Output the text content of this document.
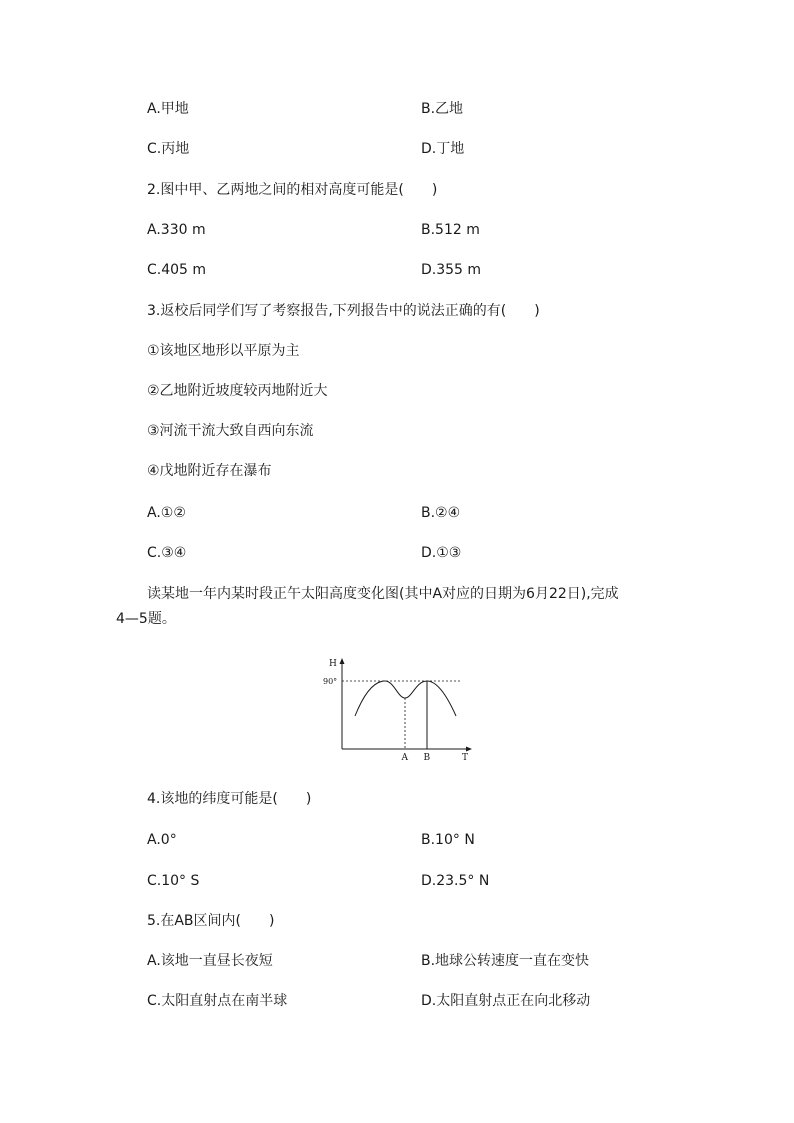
A.甲地	B.乙地
C.丙地	D.丁地
2.图中甲、乙两地之间的相对高度可能是(　　)
A.330 m	B.512 m
C.405 m	D.355 m
3.返校后同学们写了考察报告,下列报告中的说法正确的有(　　)
①该地区地形以平原为主
②乙地附近坡度较丙地附近大
③河流干流大致自西向东流
④戊地附近存在瀑布
A.①②	B.②④
C.③④	D.①③
读某地一年内某时段正午太阳高度变化图(其中A对应的日期为6月22日),完成
4—5题。
H
90°
A B	T
4.该地的纬度可能是(　　)
A.0°	B.10° N
C.10° S	D.23.5° N
5.在AB区间内(　　)
A.该地一直昼长夜短	B.地球公转速度一直在变快
C.太阳直射点在南半球	D.太阳直射点正在向北移动
